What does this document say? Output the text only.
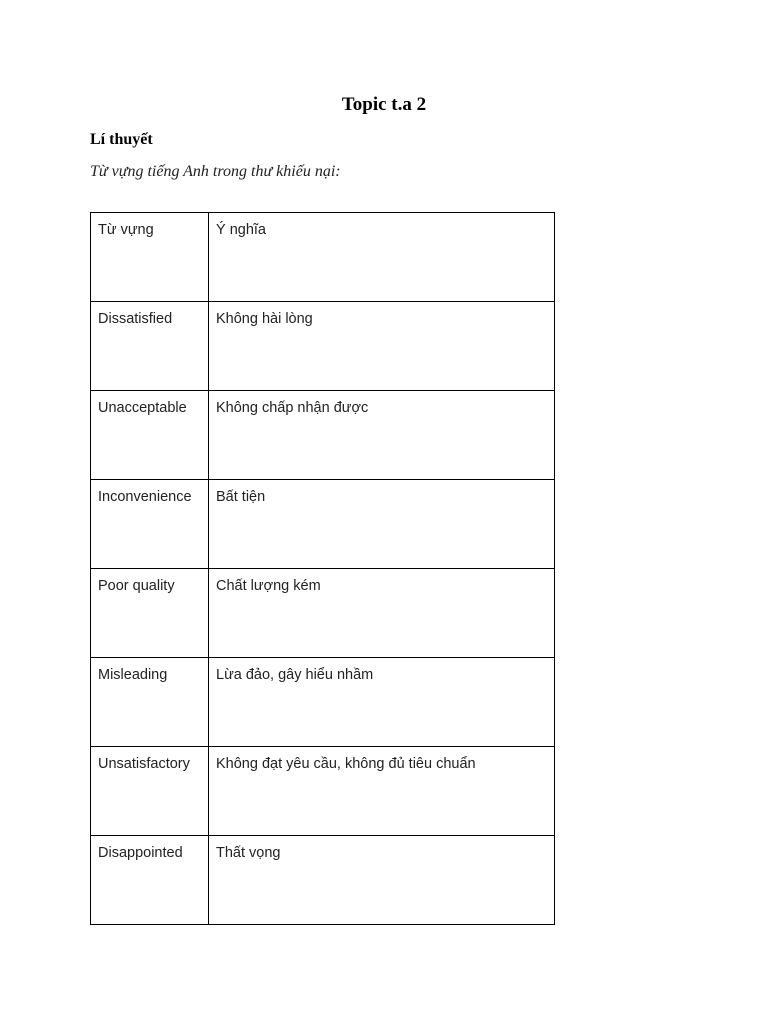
Topic t.a 2
Lí thuyết

Từ vựng tiếng Anh trong thư khiếu nại:

Từ vựng	Ý nghĩa
Dissatisfied	Không hài lòng
Unacceptable	Không chấp nhận được
Inconvenience	Bất tiện
Poor quality	Chất lượng kém
Misleading	Lừa đảo, gây hiểu nhầm
Unsatisfactory	Không đạt yêu cầu, không đủ tiêu chuẩn
Disappointed	Thất vọng
